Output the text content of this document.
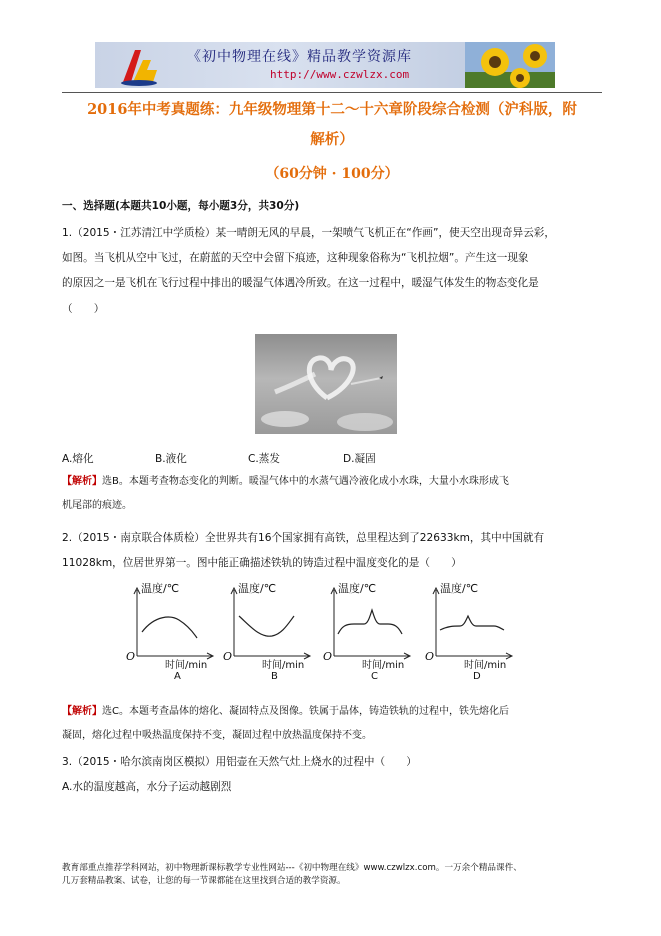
《初中物理在线》精品教学资源库
http://www.czwlzx.com
2016年中考真题练：九年级物理第十二～十六章阶段综合检测（沪科版，附
解析）
（60分钟 · 100分）
一、选择题(本题共10小题，每小题3分，共30分)
1.（2015・江苏清江中学质检）某一晴朗无风的早晨，一架喷气飞机正在“作画”，使天空出现奇异云彩，
如图。当飞机从空中飞过，在蔚蓝的天空中会留下痕迹，这种现象俗称为“飞机拉烟”。产生这一现象
的原因之一是飞机在飞行过程中排出的暖湿气体遇冷所致。在这一过程中，暖湿气体发生的物态变化是
（　　）
A.熔化	B.液化	C.蒸发	D.凝固
【解析】选B。本题考查物态变化的判断。暖湿气体中的水蒸气遇冷液化成小水珠，大量小水珠形成飞
机尾部的痕迹。
2.（2015・南京联合体质检）全世界共有16个国家拥有高铁，总里程达到了22633km，其中中国就有
11028km，位居世界第一。图中能正确描述铁轨的铸造过程中温度变化的是（　　）
温度/℃
O
时间/min
A
温度/℃
O
时间/min
B
温度/℃
O
时间/min
C
温度/℃
O
时间/min
D
【解析】选C。本题考查晶体的熔化、凝固特点及图像。铁属于晶体，铸造铁轨的过程中，铁先熔化后
凝固，熔化过程中吸热温度保持不变，凝固过程中放热温度保持不变。
3.（2015・哈尔滨南岗区模拟）用铝壶在天然气灶上烧水的过程中（　　）
A.水的温度越高，水分子运动越剧烈
教育部重点推荐学科网站，初中物理新课标教学专业性网站---《初中物理在线》www.czwlzx.com。一万余个精品课件、
几万套精品教案、试卷，让您的每一节课都能在这里找到合适的教学资源。
